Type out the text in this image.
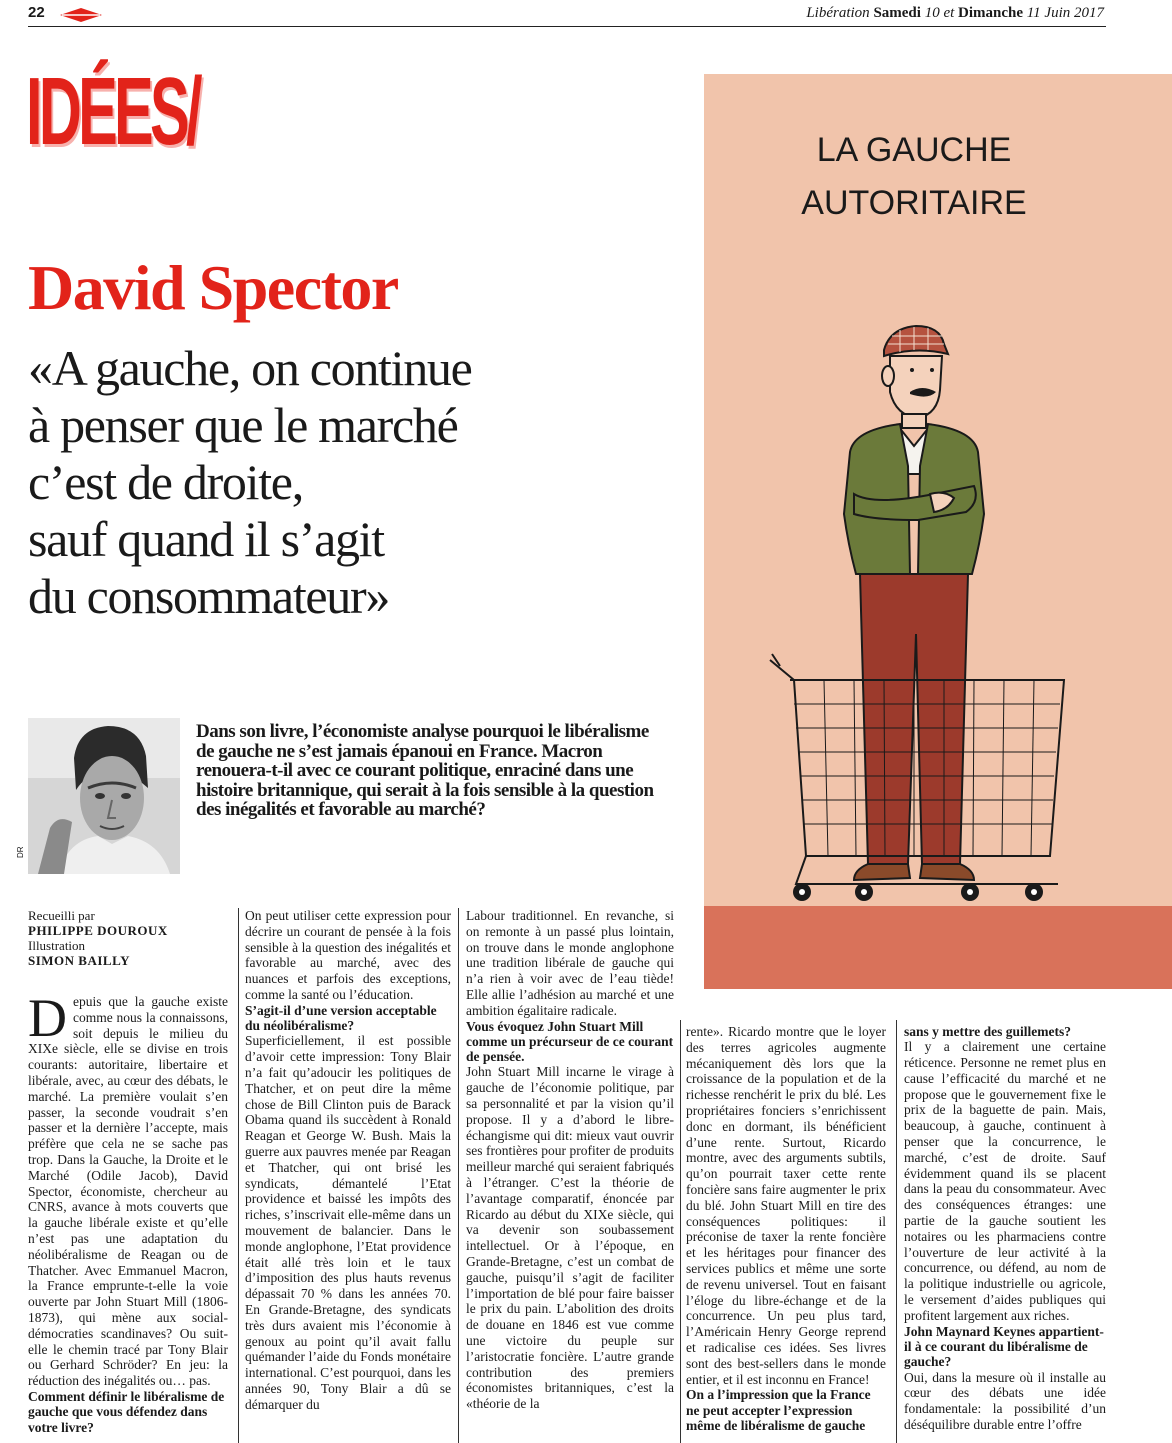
22	Libération Samedi 10 et Dimanche 11 Juin 2017
IDÉES/
David Spector
«A gauche, on continue
à penser que le marché
c’est de droite,
sauf quand il s’agit
du consommateur»
DR
Dans son livre, l’économiste analyse pourquoi le libéralisme de gauche ne s’est jamais épanoui en France. Macron renouera-t-il avec ce courant politique, enraciné dans une histoire britannique, qui serait à la fois sensible à la question des inégalités et favorable au marché?
LA GAUCHE
AUTORITAIRE
Recueilli par
PHILIPPE DOUROUX
Illustration
SIMON BAILLY
D epuis que la gauche existe comme nous la connaissons, soit depuis le milieu du XIXe siècle, elle se divise en trois courants: autoritaire, libertaire et libérale, avec, au cœur des débats, le marché. La première voulait s’en passer, la seconde voudrait s’en passer et la dernière l’accepte, mais préfère que cela ne se sache pas trop. Dans la Gauche, la Droite et le Marché (Odile Jacob), David Spector, économiste, chercheur au CNRS, avance à mots couverts que la gauche libérale existe et qu’elle n’est pas une adaptation du néolibéralisme de Reagan ou de Thatcher. Avec Emmanuel Macron, la France emprunte-t-elle la voie ouverte par John Stuart Mill (1806-1873), qui mène aux social-démocraties scandinaves? Ou suit-elle le chemin tracé par Tony Blair ou Gerhard Schröder? En jeu: la réduction des inégalités ou… pas.

Comment définir le libéralisme de gauche que vous défendez dans votre livre?

On peut utiliser cette expression pour décrire un courant de pensée à la fois sensible à la question des inégalités et favorable au marché, avec des nuances et parfois des exceptions, comme la santé ou l’éducation.

S’agit-il d’une version acceptable du néolibéralisme?

Superficiellement, il est possible d’avoir cette impression: Tony Blair n’a fait qu’adoucir les politiques de Thatcher, et on peut dire la même chose de Bill Clinton puis de Barack Obama quand ils succèdent à Ronald Reagan et George W. Bush. Mais la guerre aux pauvres menée par Reagan et Thatcher, qui ont brisé les syndicats, démantelé l’Etat providence et baissé les impôts des riches, s’inscrivait elle-même dans un mouvement de balancier. Dans le monde anglophone, l’Etat providence était allé très loin et le taux d’imposition des plus hauts revenus dépassait 70 % dans les années 70. En Grande-Bretagne, des syndicats très durs avaient mis l’économie à genoux au point qu’il avait fallu quémander l’aide du Fonds monétaire international. C’est pourquoi, dans les années 90, Tony Blair a dû se démarquer du

Labour traditionnel. En revanche, si on remonte à un passé plus lointain, on trouve dans le monde anglophone une tradition libérale de gauche qui n’a rien à voir avec de l’eau tiède! Elle allie l’adhésion au marché et une ambition égalitaire radicale.

Vous évoquez John Stuart Mill comme un précurseur de ce courant de pensée.

John Stuart Mill incarne le virage à gauche de l’économie politique, par sa personnalité et par la vision qu’il propose. Il y a d’abord le libre-échangisme qui dit: mieux vaut ouvrir ses frontières pour profiter de produits meilleur marché qui seraient fabriqués à l’étranger. C’est la théorie de l’avantage comparatif, énoncée par Ricardo au début du XIXe siècle, qui va devenir son soubassement intellectuel. Or à l’époque, en Grande-Bretagne, c’est un combat de gauche, puisqu’il s’agit de faciliter l’importation de blé pour faire baisser le prix du pain. L’abolition des droits de douane en 1846 est vue comme une victoire du peuple sur l’aristocratie foncière. L’autre grande contribution des premiers économistes britanniques, c’est la «théorie de la

rente». Ricardo montre que le loyer des terres agricoles augmente mécaniquement dès lors que la croissance de la population et de la richesse renchérit le prix du blé. Les propriétaires fonciers s’enrichissent donc en dormant, ils bénéficient d’une rente. Surtout, Ricardo montre, avec des arguments subtils, qu’on pourrait taxer cette rente foncière sans faire augmenter le prix du blé. John Stuart Mill en tire des conséquences politiques: il préconise de taxer la rente foncière et les héritages pour financer des services publics et même une sorte de revenu universel. Tout en faisant l’éloge du libre-échange et de la concurrence. Un peu plus tard, l’Américain Henry George reprend et radicalise ces idées. Ses livres sont des best-sellers dans le monde entier, et il est inconnu en France!

On a l’impression que la France ne peut accepter l’expression même de libéralisme de gauche

sans y mettre des guillemets?

Il y a clairement une certaine réticence. Personne ne remet plus en cause l’efficacité du marché et ne propose que le gouvernement fixe le prix de la baguette de pain. Mais, beaucoup, à gauche, continuent à penser que la concurrence, le marché, c’est de droite. Sauf évidemment quand ils se placent dans la peau du consommateur. Avec des conséquences étranges: une partie de la gauche soutient les notaires ou les pharmaciens contre l’ouverture de leur activité à la concurrence, ou défend, au nom de la politique industrielle ou agricole, le versement d’aides publiques qui profitent largement aux riches.

John Maynard Keynes appartient-il à ce courant du libéralisme de gauche?

Oui, dans la mesure où il installe au cœur des débats une idée fondamentale: la possibilité d’un déséquilibre durable entre l’offre
